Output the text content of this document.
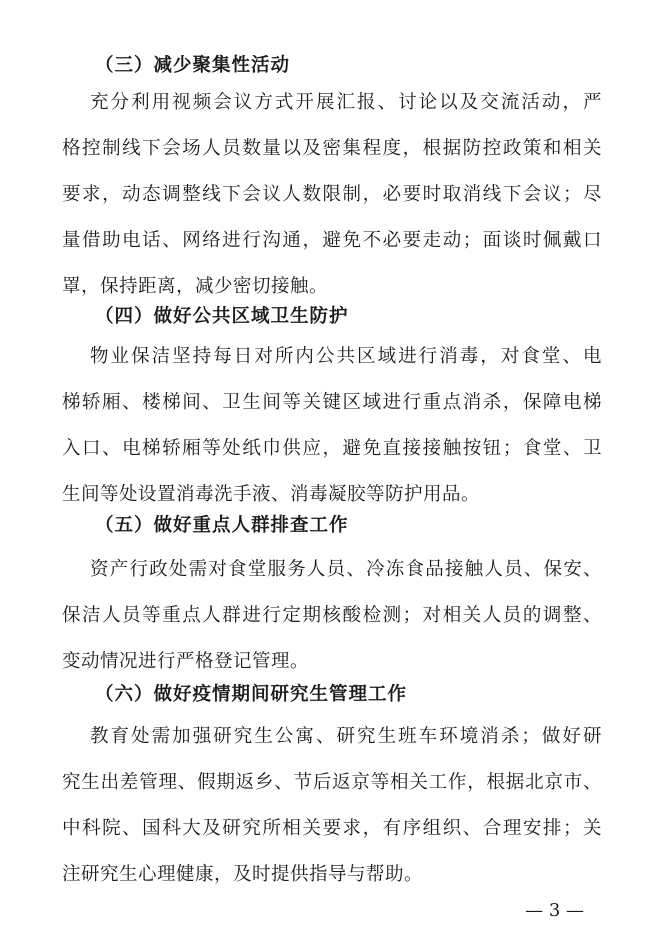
（三）减少聚集性活动
充分利用视频会议方式开展汇报、讨论以及交流活动，严
格控制线下会场人员数量以及密集程度，根据防控政策和相关
要求，动态调整线下会议人数限制，必要时取消线下会议；尽
量借助电话、网络进行沟通，避免不必要走动；面谈时佩戴口
罩，保持距离，减少密切接触。
（四）做好公共区域卫生防护
物业保洁坚持每日对所内公共区域进行消毒，对食堂、电
梯轿厢、楼梯间、卫生间等关键区域进行重点消杀，保障电梯
入口、电梯轿厢等处纸巾供应，避免直接接触按钮；食堂、卫
生间等处设置消毒洗手液、消毒凝胶等防护用品。
（五）做好重点人群排查工作
资产行政处需对食堂服务人员、冷冻食品接触人员、保安、
保洁人员等重点人群进行定期核酸检测；对相关人员的调整、
变动情况进行严格登记管理。
（六）做好疫情期间研究生管理工作
教育处需加强研究生公寓、研究生班车环境消杀；做好研
究生出差管理、假期返乡、节后返京等相关工作，根据北京市、
中科院、国科大及研究所相关要求，有序组织、合理安排；关
注研究生心理健康，及时提供指导与帮助。
— 3 —
